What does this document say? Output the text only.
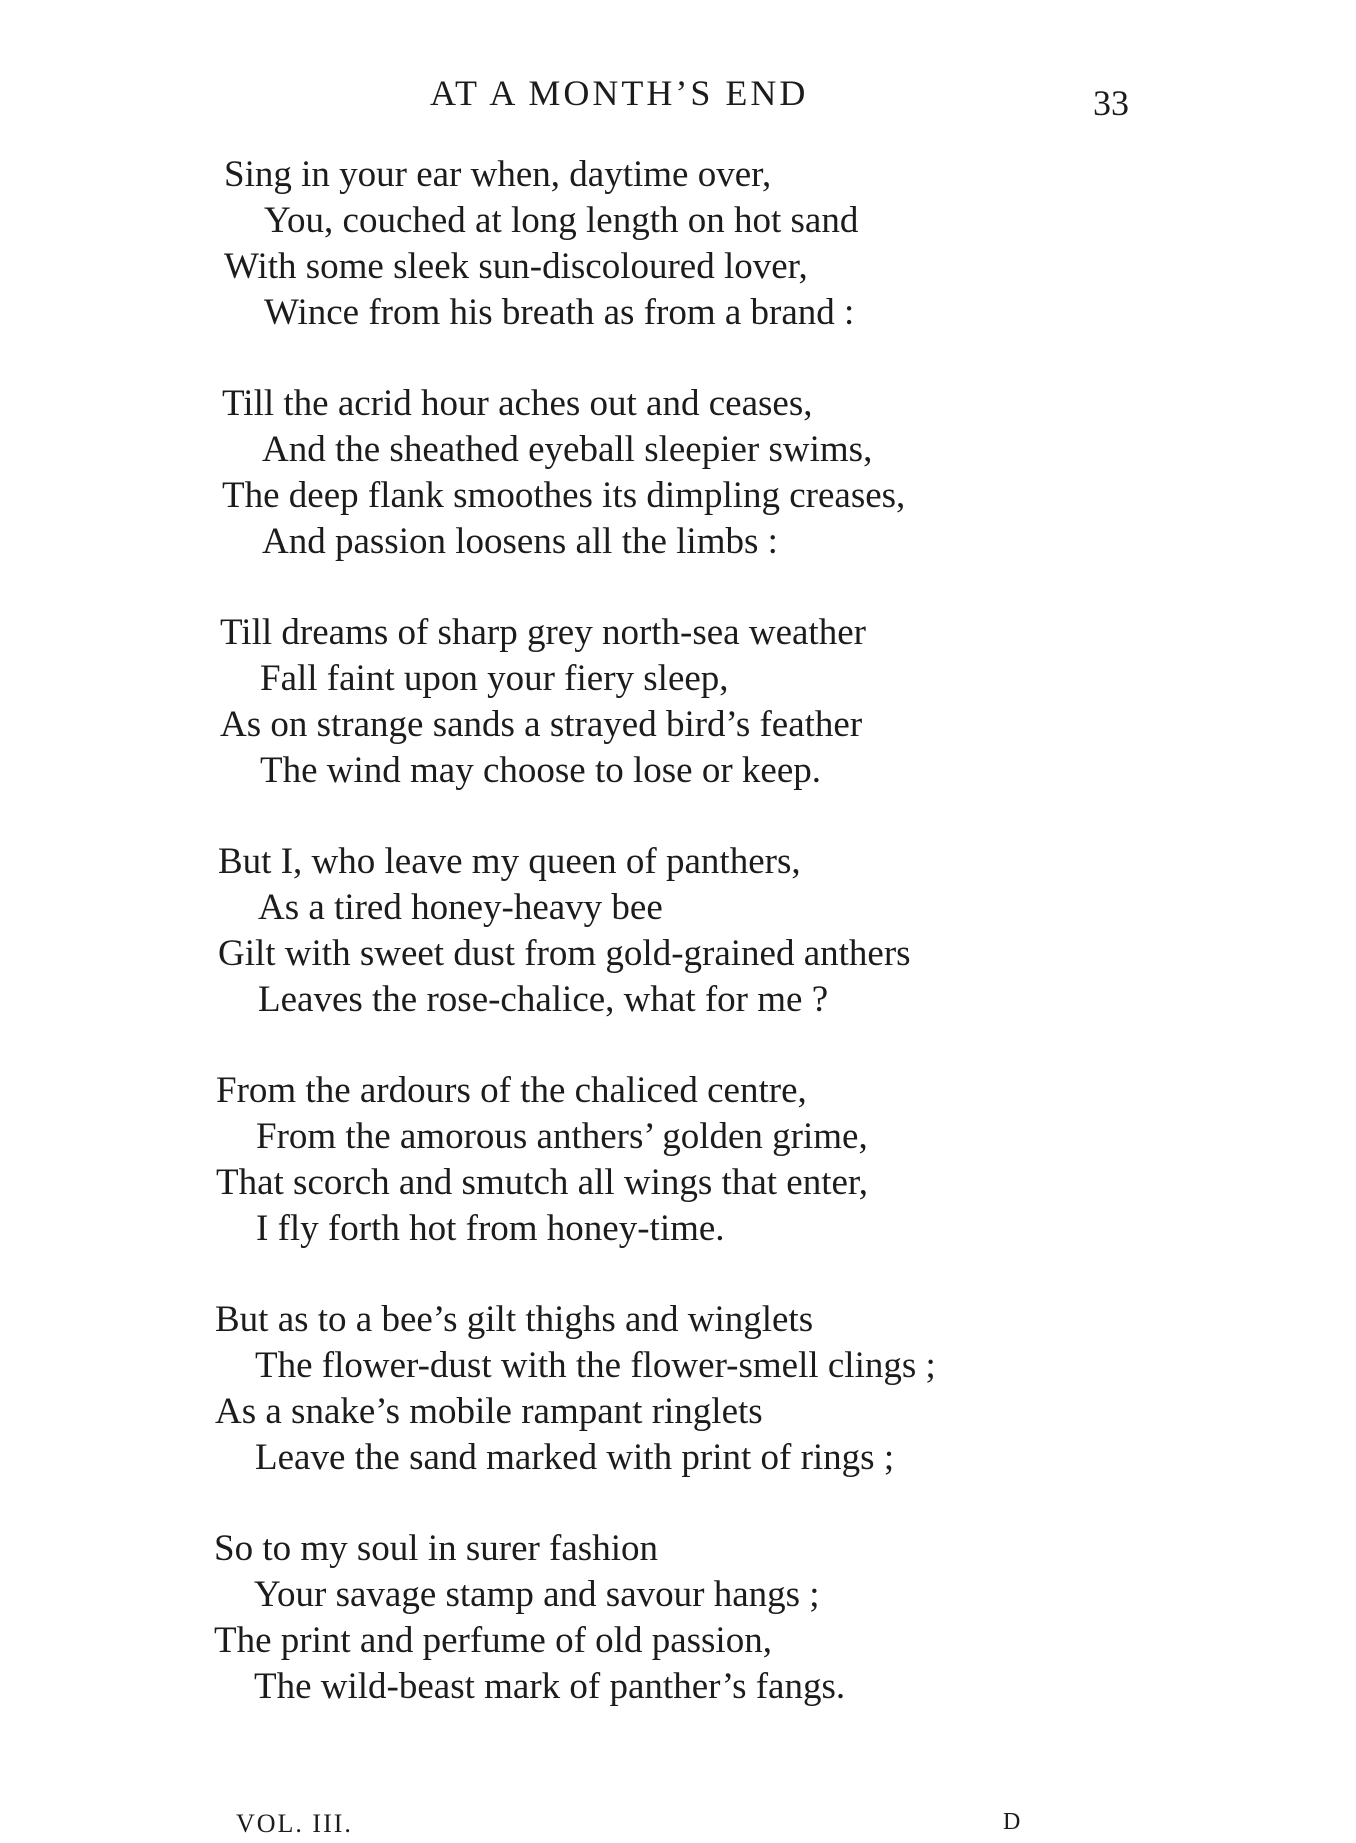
AT A MONTH’S END	33
Sing in your ear when, daytime over,
You, couched at long length on hot sand
With some sleek sun-discoloured lover,
Wince from his breath as from a brand :
Till the acrid hour aches out and ceases,
And the sheathed eyeball sleepier swims,
The deep flank smoothes its dimpling creases,
And passion loosens all the limbs :
Till dreams of sharp grey north-sea weather
Fall faint upon your fiery sleep,
As on strange sands a strayed bird’s feather
The wind may choose to lose or keep.
But I, who leave my queen of panthers,
As a tired honey-heavy bee
Gilt with sweet dust from gold-grained anthers
Leaves the rose-chalice, what for me ?
From the ardours of the chaliced centre,
From the amorous anthers’ golden grime,
That scorch and smutch all wings that enter,
I fly forth hot from honey-time.
But as to a bee’s gilt thighs and winglets
The flower-dust with the flower-smell clings ;
As a snake’s mobile rampant ringlets
Leave the sand marked with print of rings ;
So to my soul in surer fashion
Your savage stamp and savour hangs ;
The print and perfume of old passion,
The wild-beast mark of panther’s fangs.
VOL. III.	D
